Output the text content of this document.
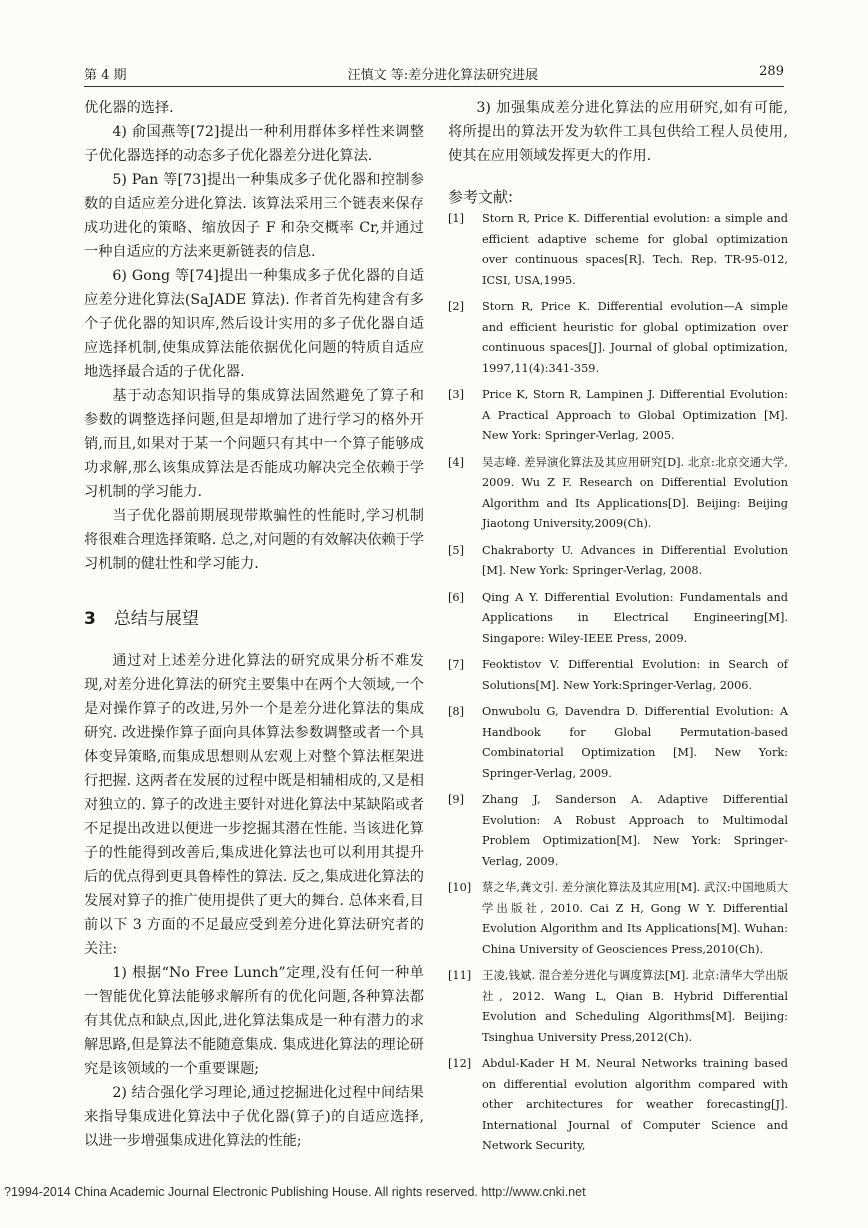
第 4 期	汪慎文 等:差分进化算法研究进展	289

优化器的选择.

4) 俞国燕等[72]提出一种利用群体多样性来调整子优化器选择的动态多子优化器差分进化算法.

5) Pan 等[73]提出一种集成多子优化器和控制参数的自适应差分进化算法. 该算法采用三个链表来保存成功进化的策略、缩放因子 F 和杂交概率 Cr,并通过一种自适应的方法来更新链表的信息.

6) Gong 等[74]提出一种集成多子优化器的自适应差分进化算法(SaJADE 算法). 作者首先构建含有多个子优化器的知识库,然后设计实用的多子优化器自适应选择机制,使集成算法能依据优化问题的特质自适应地选择最合适的子优化器.

基于动态知识指导的集成算法固然避免了算子和参数的调整选择问题,但是却增加了进行学习的格外开销,而且,如果对于某一个问题只有其中一个算子能够成功求解,那么该集成算法是否能成功解决完全依赖于学习机制的学习能力.

当子优化器前期展现带欺骗性的性能时,学习机制将很难合理选择策略. 总之,对问题的有效解决依赖于学习机制的健壮性和学习能力.

3 总结与展望

通过对上述差分进化算法的研究成果分析不难发现,对差分进化算法的研究主要集中在两个大领域,一个是对操作算子的改进,另外一个是差分进化算法的集成研究. 改进操作算子面向具体算法参数调整或者一个具体变异策略,而集成思想则从宏观上对整个算法框架进行把握. 这两者在发展的过程中既是相辅相成的,又是相对独立的. 算子的改进主要针对进化算法中某缺陷或者不足提出改进以便进一步挖掘其潜在性能. 当该进化算子的性能得到改善后,集成进化算法也可以利用其提升后的优点得到更具鲁棒性的算法. 反之,集成进化算法的发展对算子的推广使用提供了更大的舞台. 总体来看,目前以下 3 方面的不足最应受到差分进化算法研究者的关注:

1) 根据“No Free Lunch”定理,没有任何一种单一智能优化算法能够求解所有的优化问题,各种算法都有其优点和缺点,因此,进化算法集成是一种有潜力的求解思路,但是算法不能随意集成. 集成进化算法的理论研究是该领域的一个重要课题;

2) 结合强化学习理论,通过挖掘进化过程中间结果来指导集成进化算法中子优化器(算子)的自适应选择,以进一步增强集成进化算法的性能;

3) 加强集成差分进化算法的应用研究,如有可能,将所提出的算法开发为软件工具包供给工程人员使用,使其在应用领域发挥更大的作用.

参考文献:
[1]	Storn R, Price K. Differential evolution: a simple and efficient adaptive scheme for global optimization over continuous spaces[R]. Tech. Rep. TR-95-012, ICSI, USA,1995.
[2]	Storn R, Price K. Differential evolution—A simple and efficient heuristic for global optimization over continuous spaces[J]. Journal of global optimization, 1997,11(4):341-359.
[3]	Price K, Storn R, Lampinen J. Differential Evolution: A Practical Approach to Global Optimization [M]. New York: Springer-Verlag, 2005.
[4]	吴志峰. 差异演化算法及其应用研究[D]. 北京:北京交通大学, 2009. Wu Z F. Research on Differential Evolution Algorithm and Its Applications[D]. Beijing: Beijing Jiaotong University,2009(Ch).
[5]	Chakraborty U. Advances in Differential Evolution [M]. New York: Springer-Verlag, 2008.
[6]	Qing A Y. Differential Evolution: Fundamentals and Applications in Electrical Engineering[M]. Singapore: Wiley-IEEE Press, 2009.
[7]	Feoktistov V. Differential Evolution: in Search of Solutions[M]. New York:Springer-Verlag, 2006.
[8]	Onwubolu G, Davendra D. Differential Evolution: A Handbook for Global Permutation-based Combinatorial Optimization [M]. New York: Springer-Verlag, 2009.
[9]	Zhang J, Sanderson A. Adaptive Differential Evolution: A Robust Approach to Multimodal Problem Optimization[M]. New York: Springer-Verlag, 2009.
[10] 蔡之华,龚文引. 差分演化算法及其应用[M]. 武汉:中国地质大学出版社, 2010. Cai Z H, Gong W Y. Differential Evolution Algorithm and Its Applications[M]. Wuhan: China University of Geosciences Press,2010(Ch).
[11] 王凌,钱斌. 混合差分进化与调度算法[M]. 北京:清华大学出版社, 2012. Wang L, Qian B. Hybrid Differential Evolution and Scheduling Algorithms[M]. Beijing: Tsinghua University Press,2012(Ch).
[12] Abdul-Kader H M. Neural Networks training based on differential evolution algorithm compared with other architectures for weather forecasting[J]. International Journal of Computer Science and Network Security,
?1994-2014 China Academic Journal Electronic Publishing House. All rights reserved. http://www.cnki.net
